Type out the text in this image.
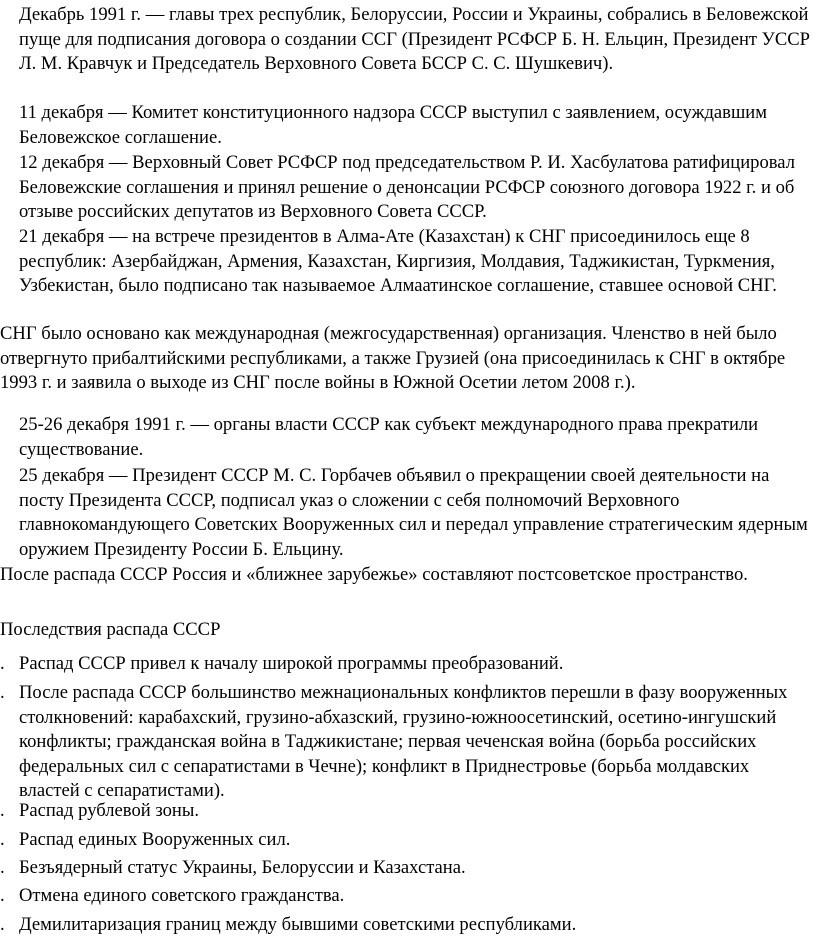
Декабрь 1991 г. — главы трех республик, Белоруссии, России и Украины, собрались в Беловежской пуще для подписания договора о создании ССГ (Президент РСФСР Б. Н. Ельцин, Президент УССР Л. М. Кравчук и Председатель Верховного Совета БССР С. С. Шушкевич).

11 декабря — Комитет конституционного надзора СССР выступил с заявлением, осуждавшим Беловежское соглашение.

12 декабря — Верховный Совет РСФСР под председательством Р. И. Хасбулатова ратифицировал Беловежские соглашения и принял решение о денонсации РСФСР союзного договора 1922 г. и об отзыве российских депутатов из Верховного Совета СССР.

21 декабря — на встрече президентов в Алма-Ате (Казахстан) к СНГ присоединилось еще 8 республик: Азербайджан, Армения, Казахстан, Киргизия, Молдавия, Таджикистан, Туркмения, Узбекистан, было подписано так называемое Алмаатинское соглашение, ставшее основой СНГ.

СНГ было основано как международная (межгосударственная) организация. Членство в ней было отвергнуто прибалтийскими республиками, а также Грузией (она присоединилась к СНГ в октябре 1993 г. и заявила о выходе из СНГ после войны в Южной Осетии летом 2008 г.).

25-26 декабря 1991 г. — органы власти СССР как субъект международного права прекратили существование.

25 декабря — Президент СССР М. С. Горбачев объявил о прекращении своей деятельности на посту Президента СССР, подписал указ о сложении с себя полномочий Верховного главнокомандующего Советских Вооруженных сил и передал управление стратегическим ядерным оружием Президенту России Б. Ельцину.

После распада СССР Россия и «ближнее зарубежье» составляют постсоветское пространство.

Последствия распада СССР

. Распад СССР привел к началу широкой программы преобразований.
. После распада СССР большинство межнациональных конфликтов перешли в фазу вооруженных столкновений: карабахский, грузино-абхазский, грузино-южноосетинский, осетино-ингушский конфликты; гражданская война в Таджикистане; первая чеченская война (борьба российских федеральных сил с сепаратистами в Чечне); конфликт в Приднестровье (борьба молдавских властей с сепаратистами).
. Распад рублевой зоны.
. Распад единых Вооруженных сил.
. Безъядерный статус Украины, Белоруссии и Казахстана.
. Отмена единого советского гражданства.
. Демилитаризация границ между бывшими советскими республиками.
